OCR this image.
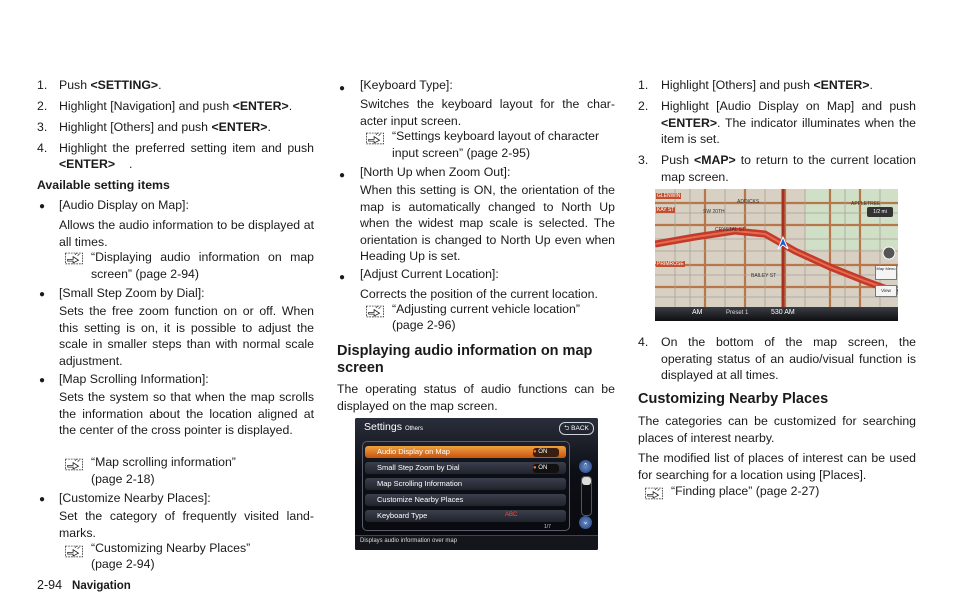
1. Push <SETTING>.
2. Highlight [Navigation] and push <ENTER>.
3. Highlight [Others] and push <ENTER>.
4. Highlight the preferred setting item and push
<ENTER> .
Available setting items
● [Audio Display on Map]:
Allows the audio information to be displayed at all times.
“Displaying audio information on map screen” (page 2-94)
● [Small Step Zoom by Dial]:
Sets the free zoom function on or off. When this setting is on, it is possible to adjust the scale in smaller steps than with normal scale adjustment.
● [Map Scrolling Information]:
Sets the system so that when the map scrolls the information about the location aligned at the center of the cross pointer is displayed.
“Map scrolling information”
(page 2-18)
● [Customize Nearby Places]:
Set the category of frequently visited land-marks.
“Customizing Nearby Places”
(page 2-94)
● [Keyboard Type]:
Switches the keyboard layout for the char-acter input screen.
“Settings keyboard layout of character
input screen” (page 2-95)
● [North Up when Zoom Out]:
When this setting is ON, the orientation of the map is automatically changed to North Up when the widest map scale is selected. The orientation is changed to North Up even when Heading Up is set.
● [Adjust Current Location]:
Corrects the position of the current location.
“Adjusting current vehicle location”
(page 2-96)
Displaying audio information on map screen
The operating status of audio functions can be displayed on the map screen.
Settings Others	⮌ BACK
Audio Display on Map	● ON
Small Step Zoom by Dial	● ON
Map Scrolling Information
Customize Nearby Places
Keyboard Type	ABC
1/7
⌃
⌄
Displays audio information over map
1. Highlight [Others] and push <ENTER>.
2. Highlight [Audio Display on Map] and push <ENTER>. The indicator illuminates when the item is set.
3. Push <MAP> to return to the current location map screen.
4. On the bottom of the map screen, the operating status of an audio/visual function is displayed at all times.
Customizing Nearby Places
The categories can be customized for searching places of interest nearby.
The modified list of places of interest can be used for searching for a location using [Places].
“Finding place” (page 2-27)
GLENWIN
KAY ST	SW 20TH
ADDICKS
CRYSTAL ST
PRIMROSE
BAILEY ST
APPLETREE
1/2 mi
Map Menu
View
AM	Preset 1	530 AM
2-94 Navigation
